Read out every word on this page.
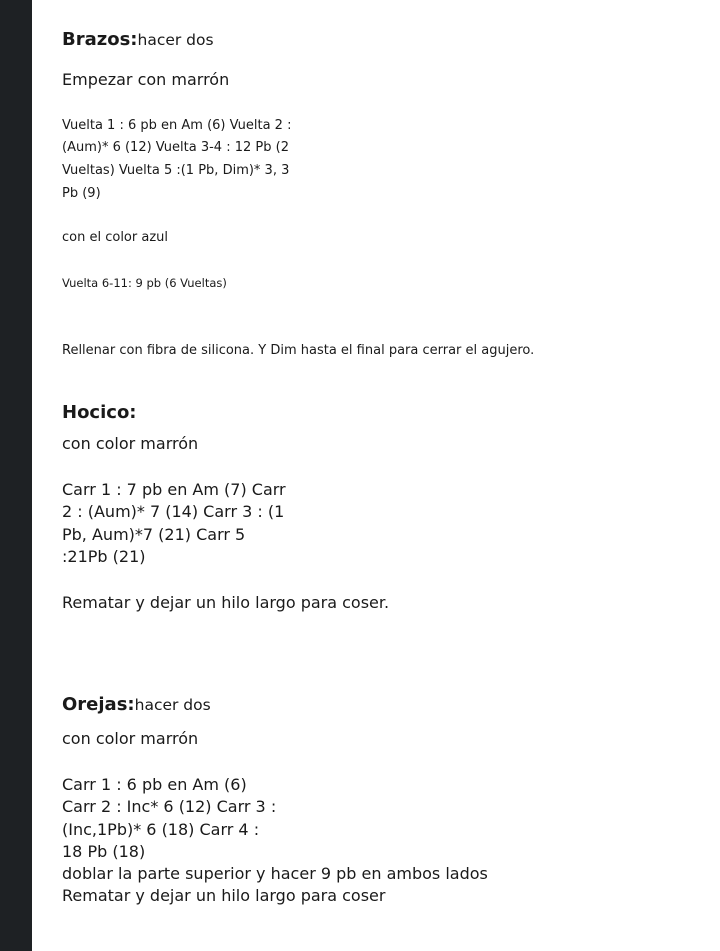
Brazos:hacer dos
Empezar con marrón
Vuelta 1 : 6 pb en Am (6) Vuelta 2 :
(Aum)* 6 (12) Vuelta 3-4 : 12 Pb (2
Vueltas) Vuelta 5 :(1 Pb, Dim)* 3, 3
Pb (9)
con el color azul
Vuelta 6-11: 9 pb (6 Vueltas)
Rellenar con fibra de silicona. Y Dim hasta el final para cerrar el agujero.
Hocico:
con color marrón
Carr 1 : 7 pb en Am (7) Carr
2 : (Aum)* 7 (14) Carr 3 : (1
Pb, Aum)*7 (21) Carr 5
:21Pb (21)
Rematar y dejar un hilo largo para coser.
Orejas:hacer dos
con color marrón
Carr 1 : 6 pb en Am (6)
Carr 2 : Inc* 6 (12) Carr 3 :
(Inc,1Pb)* 6 (18) Carr 4 :
18 Pb (18)
doblar la parte superior y hacer 9 pb en ambos lados
Rematar y dejar un hilo largo para coser
